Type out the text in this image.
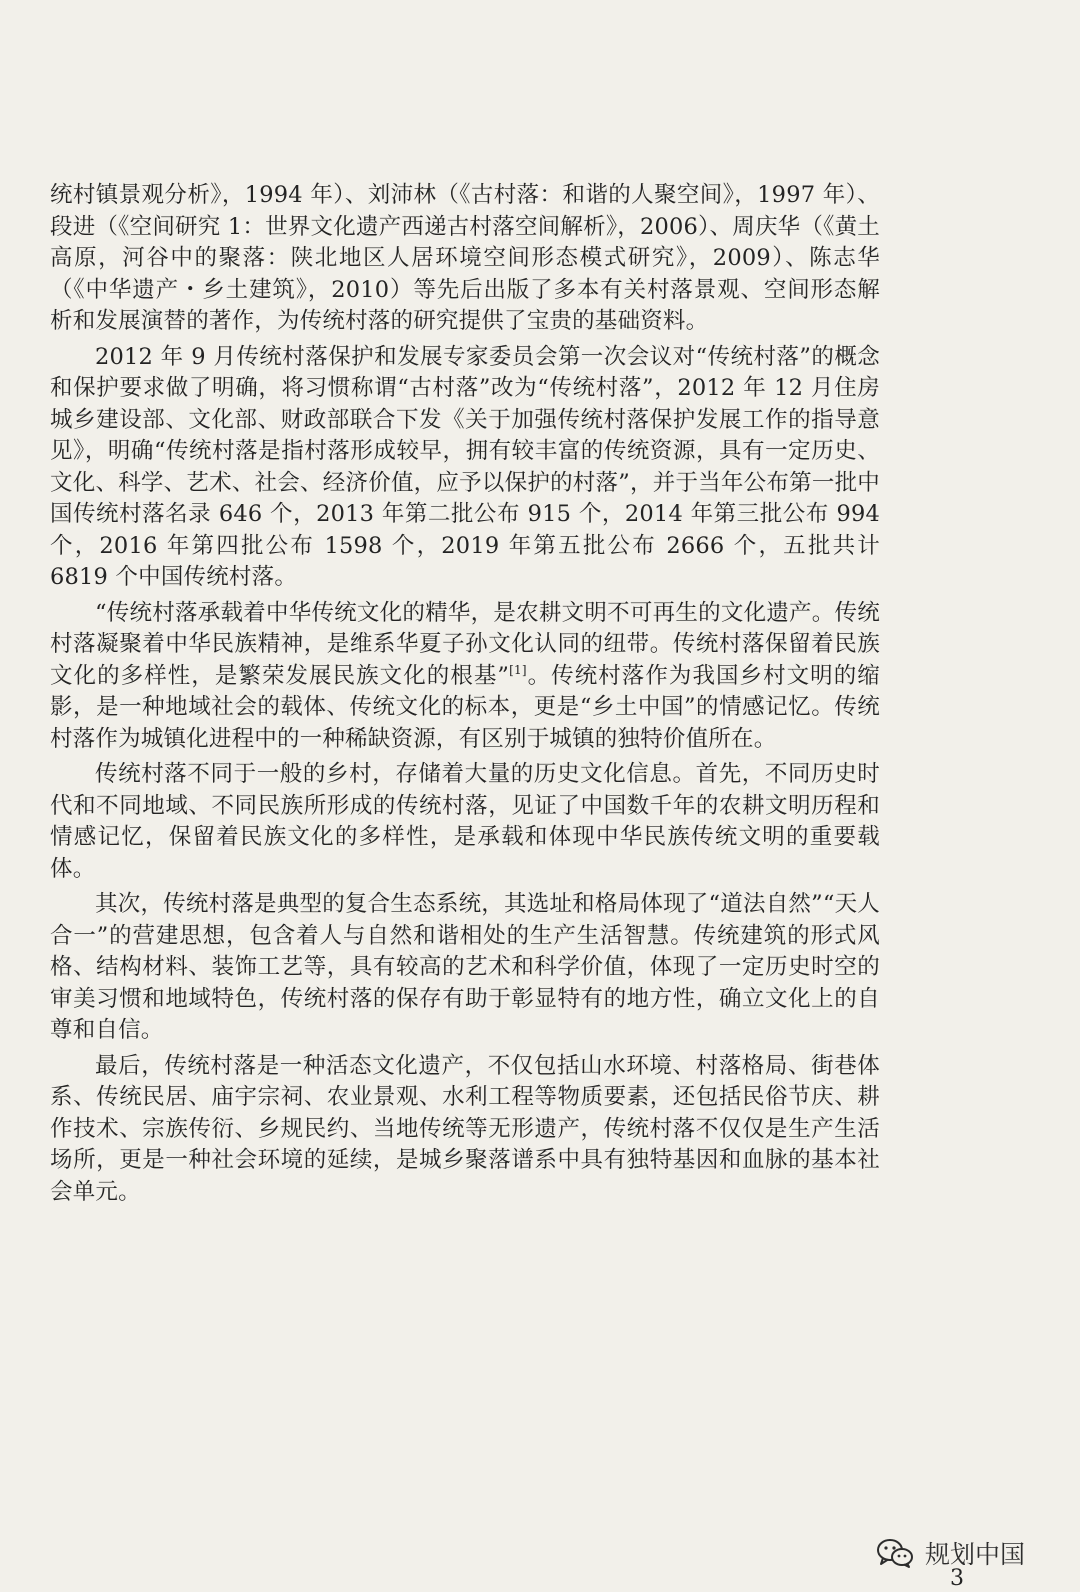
统村镇景观分析》，1994 年）、刘沛林（《古村落：和谐的人聚空间》，1997 年）、段进（《空间研究 1：世界文化遗产西递古村落空间解析》，2006）、周庆华（《黄土高原，河谷中的聚落：陕北地区人居环境空间形态模式研究》，2009）、陈志华（《中华遗产・乡土建筑》，2010）等先后出版了多本有关村落景观、空间形态解析和发展演替的著作，为传统村落的研究提供了宝贵的基础资料。

2012 年 9 月传统村落保护和发展专家委员会第一次会议对“传统村落”的概念和保护要求做了明确，将习惯称谓“古村落”改为“传统村落”，2012 年 12 月住房城乡建设部、文化部、财政部联合下发《关于加强传统村落保护发展工作的指导意见》，明确“传统村落是指村落形成较早，拥有较丰富的传统资源，具有一定历史、文化、科学、艺术、社会、经济价值，应予以保护的村落”，并于当年公布第一批中国传统村落名录 646 个，2013 年第二批公布 915 个，2014 年第三批公布 994 个，2016 年第四批公布 1598 个，2019 年第五批公布 2666 个，五批共计 6819 个中国传统村落。

“传统村落承载着中华传统文化的精华，是农耕文明不可再生的文化遗产。传统村落凝聚着中华民族精神，是维系华夏子孙文化认同的纽带。传统村落保留着民族文化的多样性，是繁荣发展民族文化的根基”[1]。传统村落作为我国乡村文明的缩影，是一种地域社会的载体、传统文化的标本，更是“乡土中国”的情感记忆。传统村落作为城镇化进程中的一种稀缺资源，有区别于城镇的独特价值所在。

传统村落不同于一般的乡村，存储着大量的历史文化信息。首先，不同历史时代和不同地域、不同民族所形成的传统村落，见证了中国数千年的农耕文明历程和情感记忆，保留着民族文化的多样性，是承载和体现中华民族传统文明的重要载体。

其次，传统村落是典型的复合生态系统，其选址和格局体现了“道法自然”“天人合一”的营建思想，包含着人与自然和谐相处的生产生活智慧。传统建筑的形式风格、结构材料、装饰工艺等，具有较高的艺术和科学价值，体现了一定历史时空的审美习惯和地域特色，传统村落的保存有助于彰显特有的地方性，确立文化上的自尊和自信。

最后，传统村落是一种活态文化遗产，不仅包括山水环境、村落格局、街巷体系、传统民居、庙宇宗祠、农业景观、水利工程等物质要素，还包括民俗节庆、耕作技术、宗族传衍、乡规民约、当地传统等无形遗产，传统村落不仅仅是生产生活场所，更是一种社会环境的延续，是城乡聚落谱系中具有独特基因和血脉的基本社会单元。

规划中国
3
